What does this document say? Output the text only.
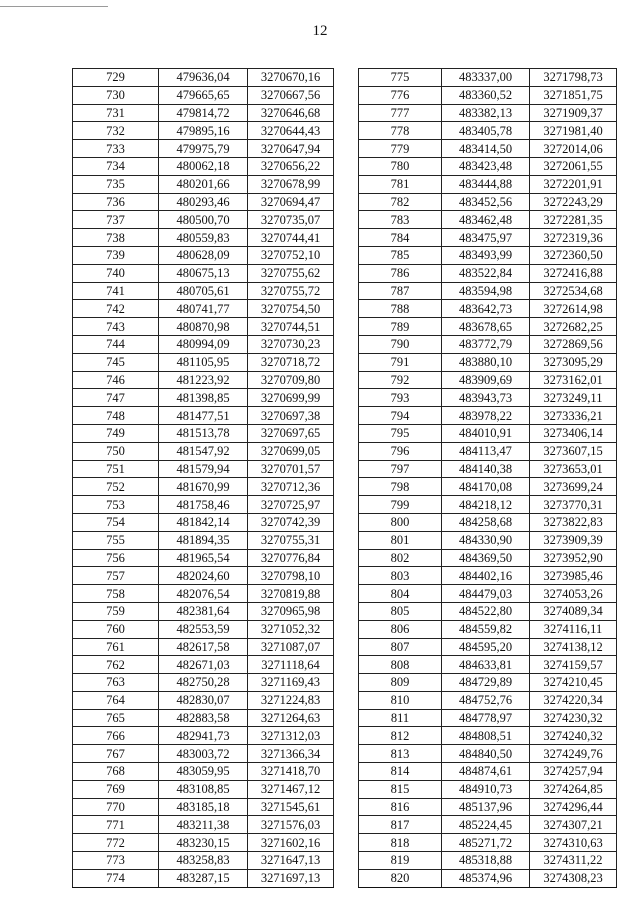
12
729	479636,04	3270670,16
730	479665,65	3270667,56
731	479814,72	3270646,68
732	479895,16	3270644,43
733	479975,79	3270647,94
734	480062,18	3270656,22
735	480201,66	3270678,99
736	480293,46	3270694,47
737	480500,70	3270735,07
738	480559,83	3270744,41
739	480628,09	3270752,10
740	480675,13	3270755,62
741	480705,61	3270755,72
742	480741,77	3270754,50
743	480870,98	3270744,51
744	480994,09	3270730,23
745	481105,95	3270718,72
746	481223,92	3270709,80
747	481398,85	3270699,99
748	481477,51	3270697,38
749	481513,78	3270697,65
750	481547,92	3270699,05
751	481579,94	3270701,57
752	481670,99	3270712,36
753	481758,46	3270725,97
754	481842,14	3270742,39
755	481894,35	3270755,31
756	481965,54	3270776,84
757	482024,60	3270798,10
758	482076,54	3270819,88
759	482381,64	3270965,98
760	482553,59	3271052,32
761	482617,58	3271087,07
762	482671,03	3271118,64
763	482750,28	3271169,43
764	482830,07	3271224,83
765	482883,58	3271264,63
766	482941,73	3271312,03
767	483003,72	3271366,34
768	483059,95	3271418,70
769	483108,85	3271467,12
770	483185,18	3271545,61
771	483211,38	3271576,03
772	483230,15	3271602,16
773	483258,83	3271647,13
774	483287,15	3271697,13
775	483337,00	3271798,73
776	483360,52	3271851,75
777	483382,13	3271909,37
778	483405,78	3271981,40
779	483414,50	3272014,06
780	483423,48	3272061,55
781	483444,88	3272201,91
782	483452,56	3272243,29
783	483462,48	3272281,35
784	483475,97	3272319,36
785	483493,99	3272360,50
786	483522,84	3272416,88
787	483594,98	3272534,68
788	483642,73	3272614,98
789	483678,65	3272682,25
790	483772,79	3272869,56
791	483880,10	3273095,29
792	483909,69	3273162,01
793	483943,73	3273249,11
794	483978,22	3273336,21
795	484010,91	3273406,14
796	484113,47	3273607,15
797	484140,38	3273653,01
798	484170,08	3273699,24
799	484218,12	3273770,31
800	484258,68	3273822,83
801	484330,90	3273909,39
802	484369,50	3273952,90
803	484402,16	3273985,46
804	484479,03	3274053,26
805	484522,80	3274089,34
806	484559,82	3274116,11
807	484595,20	3274138,12
808	484633,81	3274159,57
809	484729,89	3274210,45
810	484752,76	3274220,34
811	484778,97	3274230,32
812	484808,51	3274240,32
813	484840,50	3274249,76
814	484874,61	3274257,94
815	484910,73	3274264,85
816	485137,96	3274296,44
817	485224,45	3274307,21
818	485271,72	3274310,63
819	485318,88	3274311,22
820	485374,96	3274308,23
